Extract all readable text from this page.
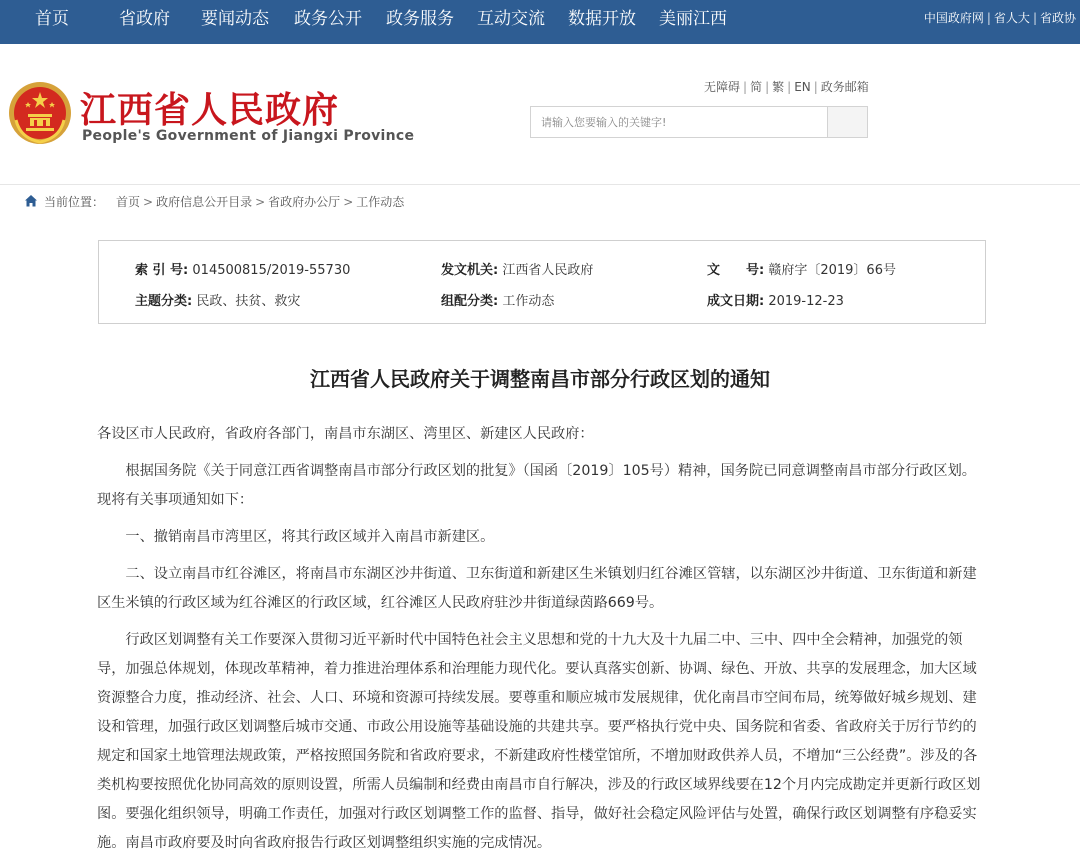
首页	省政府 要闻动态 政务公开 政务服务 互动交流 数据开放 美丽江西	中国政府网 | 省人大 | 省政协
江西省人民政府
People's Government of Jiangxi Province
无障碍 | 简 | 繁 | EN | 政务邮箱
请输入您要输入的关键字!
当前位置： 首页 > 政府信息公开目录 > 省政府办公厅 > 工作动态
索 引 号: 014500815/2019-55730	发文机关: 江西省人民政府	文　　号: 赣府字〔2019〕66号
主题分类: 民政、扶贫、救灾	组配分类: 工作动态	成文日期: 2019-12-23
江西省人民政府关于调整南昌市部分行政区划的通知

各设区市人民政府，省政府各部门，南昌市东湖区、湾里区、新建区人民政府：

根据国务院《关于同意江西省调整南昌市部分行政区划的批复》（国函〔2019〕105号）精神，国务院已同意调整南昌市部分行政区划。现将有关事项通知如下：

一、撤销南昌市湾里区，将其行政区域并入南昌市新建区。

二、设立南昌市红谷滩区，将南昌市东湖区沙井街道、卫东街道和新建区生米镇划归红谷滩区管辖，以东湖区沙井街道、卫东街道和新建区生米镇的行政区域为红谷滩区的行政区域，红谷滩区人民政府驻沙井街道绿茵路669号。

行政区划调整有关工作要深入贯彻习近平新时代中国特色社会主义思想和党的十九大及十九届二中、三中、四中全会精神，加强党的领导，加强总体规划，体现改革精神，着力推进治理体系和治理能力现代化。要认真落实创新、协调、绿色、开放、共享的发展理念，加大区域资源整合力度，推动经济、社会、人口、环境和资源可持续发展。要尊重和顺应城市发展规律，优化南昌市空间布局，统筹做好城乡规划、建设和管理，加强行政区划调整后城市交通、市政公用设施等基础设施的共建共享。要严格执行党中央、国务院和省委、省政府关于厉行节约的规定和国家土地管理法规政策，严格按照国务院和省政府要求，不新建政府性楼堂馆所，不增加财政供养人员，不增加“三公经费”。涉及的各类机构要按照优化协同高效的原则设置，所需人员编制和经费由南昌市自行解决，涉及的行政区域界线要在12个月内完成勘定并更新行政区划图。要强化组织领导，明确工作责任，加强对行政区划调整工作的监督、指导，做好社会稳定风险评估与处置，确保行政区划调整有序稳妥实施。南昌市政府要及时向省政府报告行政区划调整组织实施的完成情况。
